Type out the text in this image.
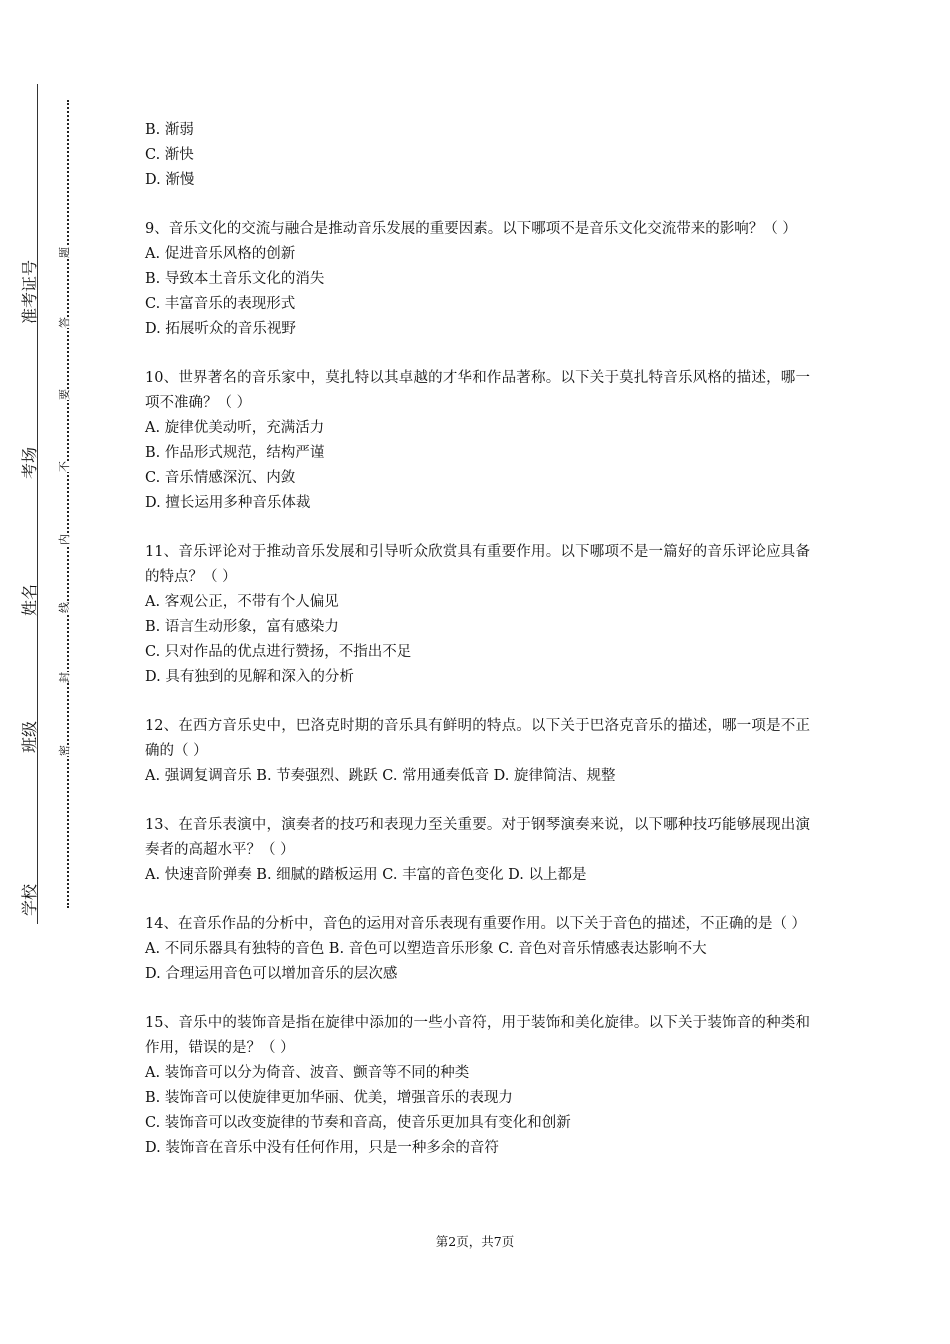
准考证号
考场
姓名
班级
学校
题
答
要
不
内
线
封
密

B. 渐弱

C. 渐快

D. 渐慢

9、音乐文化的交流与融合是推动音乐发展的重要因素。以下哪项不是音乐文化交流带来的影响？（ ）

A. 促进音乐风格的创新

B. 导致本土音乐文化的消失

C. 丰富音乐的表现形式

D. 拓展听众的音乐视野

10、世界著名的音乐家中，莫扎特以其卓越的才华和作品著称。以下关于莫扎特音乐风格的描述，哪一项不准确？（ ）

A. 旋律优美动听，充满活力

B. 作品形式规范，结构严谨

C. 音乐情感深沉、内敛

D. 擅长运用多种音乐体裁

11、音乐评论对于推动音乐发展和引导听众欣赏具有重要作用。以下哪项不是一篇好的音乐评论应具备的特点？（ ）

A. 客观公正，不带有个人偏见

B. 语言生动形象，富有感染力

C. 只对作品的优点进行赞扬，不指出不足

D. 具有独到的见解和深入的分析

12、在西方音乐史中，巴洛克时期的音乐具有鲜明的特点。以下关于巴洛克音乐的描述，哪一项是不正确的（ ）

A. 强调复调音乐 B. 节奏强烈、跳跃 C. 常用通奏低音 D. 旋律简洁、规整

13、在音乐表演中，演奏者的技巧和表现力至关重要。对于钢琴演奏来说，以下哪种技巧能够展现出演奏者的高超水平？（ ）

A. 快速音阶弹奏 B. 细腻的踏板运用 C. 丰富的音色变化 D. 以上都是

14、在音乐作品的分析中，音色的运用对音乐表现有重要作用。以下关于音色的描述，不正确的是（ ）

A. 不同乐器具有独特的音色 B. 音色可以塑造音乐形象 C. 音色对音乐情感表达影响不大

D. 合理运用音色可以增加音乐的层次感

15、音乐中的装饰音是指在旋律中添加的一些小音符，用于装饰和美化旋律。以下关于装饰音的种类和作用，错误的是？（ ）

A. 装饰音可以分为倚音、波音、颤音等不同的种类

B. 装饰音可以使旋律更加华丽、优美，增强音乐的表现力

C. 装饰音可以改变旋律的节奏和音高，使音乐更加具有变化和创新

D. 装饰音在音乐中没有任何作用，只是一种多余的音符

第2页，共7页
